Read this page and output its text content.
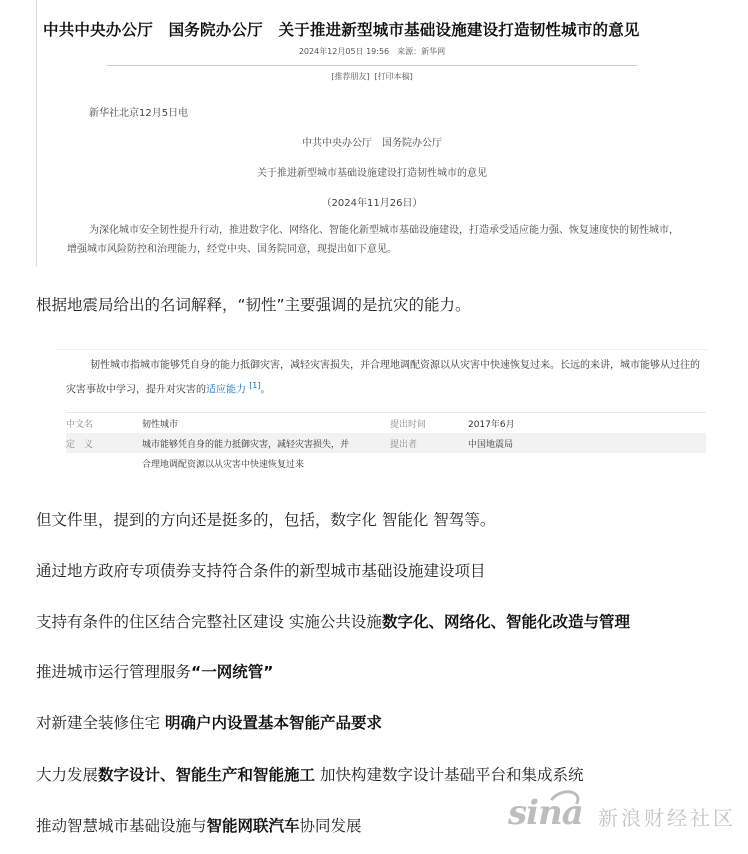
中共中央办公厅　国务院办公厅　关于推进新型城市基础设施建设打造韧性城市的意见
2024年12月05日 19:56　来源：新华网
[推荐朋友] [打印本稿]
新华社北京12月5日电
中共中央办公厅　国务院办公厅
关于推进新型城市基础设施建设打造韧性城市的意见
（2024年11月26日）
为深化城市安全韧性提升行动，推进数字化、网络化、智能化新型城市基础设施建设，打造承受适应能力强、恢复速度快的韧性城市，增强城市风险防控和治理能力，经党中央、国务院同意，现提出如下意见。
根据地震局给出的名词解释，“韧性”主要强调的是抗灾的能力。
韧性城市指城市能够凭自身的能力抵御灾害，减轻灾害损失，并合理地调配资源以从灾害中快速恢复过来。长远的来讲，城市能够从过往的灾害事故中学习，提升对灾害的适应能力 [1]。
中文名	韧性城市	提出时间	2017年6月
定　义	城市能够凭自身的能力抵御灾害，减轻灾害损失，并	提出者	中国地震局
合理地调配资源以从灾害中快速恢复过来
但文件里，提到的方向还是挺多的，包括，数字化 智能化 智驾等。
通过地方政府专项债券支持符合条件的新型城市基础设施建设项目
支持有条件的住区结合完整社区建设 实施公共设施数字化、网络化、智能化改造与管理
推进城市运行管理服务“一网统管”
对新建全装修住宅 明确户内设置基本智能产品要求
大力发展数字设计、智能生产和智能施工 加快构建数字设计基础平台和集成系统
推动智慧城市基础设施与智能网联汽车协同发展	sina 新浪财经社区
